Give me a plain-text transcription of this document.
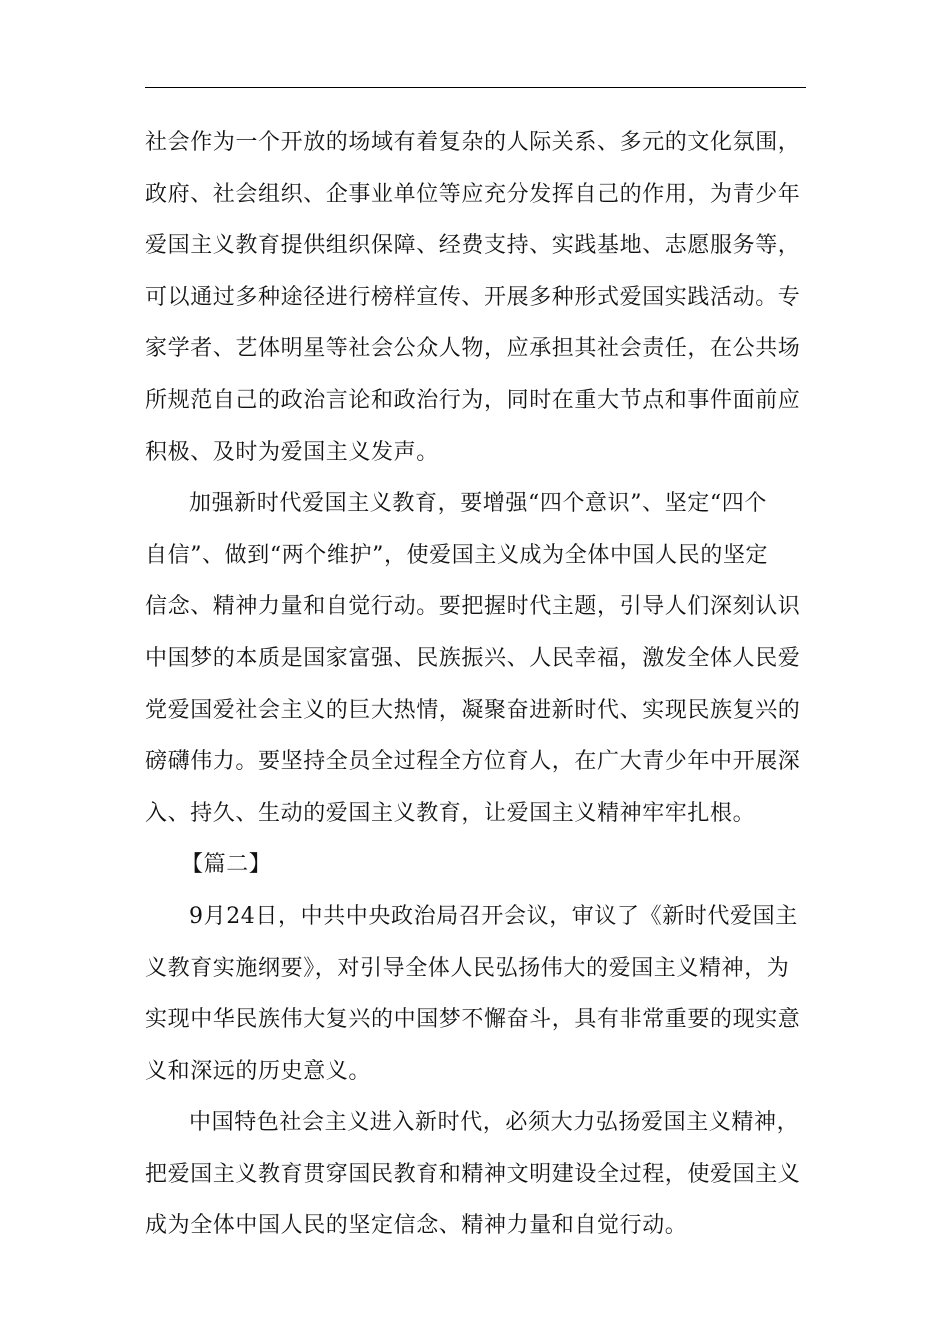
社会作为一个开放的场域有着复杂的人际关系、多元的文化氛围，
政府、社会组织、企事业单位等应充分发挥自己的作用，为青少年
爱国主义教育提供组织保障、经费支持、实践基地、志愿服务等，
可以通过多种途径进行榜样宣传、开展多种形式爱国实践活动。专
家学者、艺体明星等社会公众人物，应承担其社会责任，在公共场
所规范自己的政治言论和政治行为，同时在重大节点和事件面前应
积极、及时为爱国主义发声。
加强新时代爱国主义教育，要增强“四个意识”、坚定“四个
自信”、做到“两个维护”，使爱国主义成为全体中国人民的坚定
信念、精神力量和自觉行动。要把握时代主题，引导人们深刻认识
中国梦的本质是国家富强、民族振兴、人民幸福，激发全体人民爱
党爱国爱社会主义的巨大热情，凝聚奋进新时代、实现民族复兴的
磅礴伟力。要坚持全员全过程全方位育人，在广大青少年中开展深
入、持久、生动的爱国主义教育，让爱国主义精神牢牢扎根。
【篇二】
9月24日，中共中央政治局召开会议，审议了《新时代爱国主
义教育实施纲要》，对引导全体人民弘扬伟大的爱国主义精神，为
实现中华民族伟大复兴的中国梦不懈奋斗，具有非常重要的现实意
义和深远的历史意义。
中国特色社会主义进入新时代，必须大力弘扬爱国主义精神，
把爱国主义教育贯穿国民教育和精神文明建设全过程，使爱国主义
成为全体中国人民的坚定信念、精神力量和自觉行动。
